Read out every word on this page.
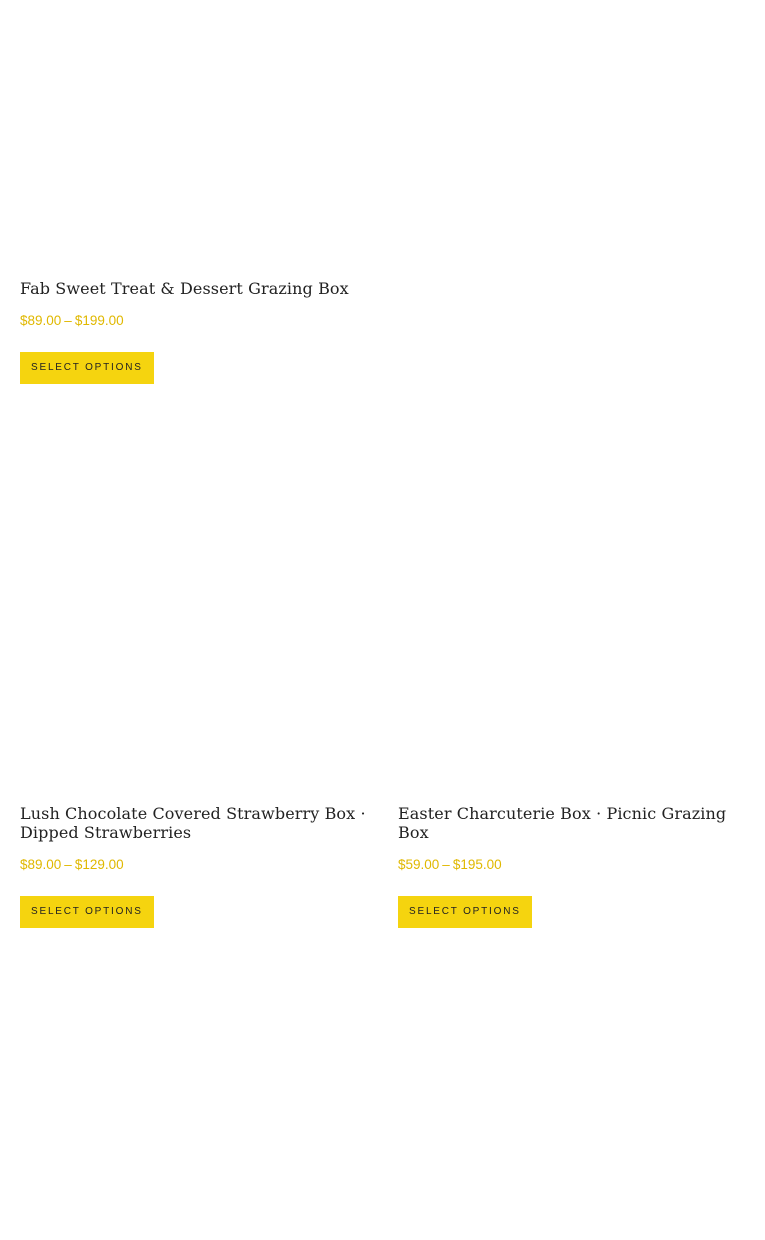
Fab Sweet Treat & Dessert Grazing Box
$89.00 – $199.00
SELECT OPTIONS
Lush Chocolate Covered Strawberry Box · Dipped Strawberries
$89.00 – $129.00
SELECT OPTIONS
Easter Charcuterie Box · Picnic Grazing Box
$59.00 – $195.00
SELECT OPTIONS
